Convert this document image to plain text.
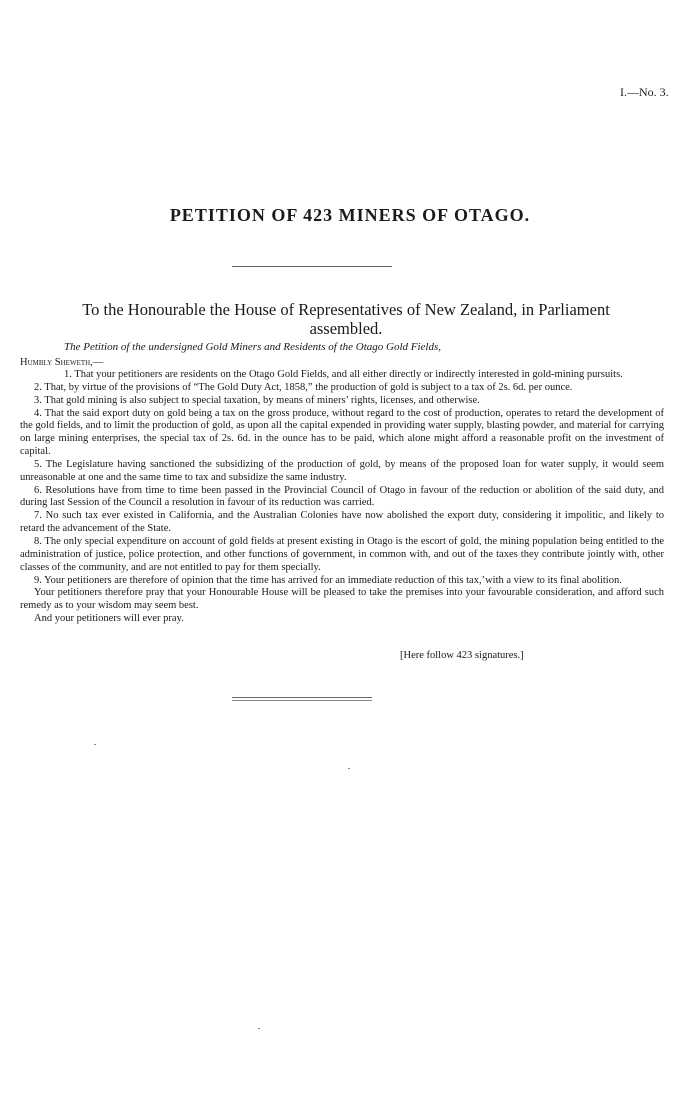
I.—No. 3.
PETITION OF 423 MINERS OF OTAGO.
To the Honourable the House of Representatives of New Zealand, in Parliament assembled.
The Petition of the undersigned Gold Miners and Residents of the Otago Gold Fields,
Humbly Sheweth,—

1. That your petitioners are residents on the Otago Gold Fields, and all either directly or indirectly interested in gold-mining pursuits.

2. That, by virtue of the provisions of “The Gold Duty Act, 1858,” the production of gold is subject to a tax of 2s. 6d. per ounce.

3. That gold mining is also subject to special taxation, by means of miners’ rights, licenses, and otherwise.

4. That the said export duty on gold being a tax on the gross produce, without regard to the cost of production, operates to retard the development of the gold fields, and to limit the production of gold, as upon all the capital expended in providing water supply, blasting powder, and material for carrying on large mining enterprises, the special tax of 2s. 6d. in the ounce has to be paid, which alone might afford a reasonable profit on the investment of capital.

5. The Legislature having sanctioned the subsidizing of the production of gold, by means of the proposed loan for water supply, it would seem unreasonable at one and the same time to tax and subsidize the same industry.

6. Resolutions have from time to time been passed in the Provincial Council of Otago in favour of the reduction or abolition of the said duty, and during last Session of the Council a resolution in favour of its reduction was carried.

7. No such tax ever existed in California, and the Australian Colonies have now abolished the export duty, considering it impolitic, and likely to retard the advancement of the State.

8. The only special expenditure on account of gold fields at present existing in Otago is the escort of gold, the mining population being entitled to the administration of justice, police protection, and other functions of government, in common with, and out of the taxes they contribute jointly with, other classes of the community, and are not entitled to pay for them specially.

9. Your petitioners are therefore of opinion that the time has arrived for an immediate reduction of this tax,’with a view to its final abolition.

Your petitioners therefore pray that your Honourable House will be pleased to take the premises into your favourable consideration, and afford such remedy as to your wisdom may seem best.

And your petitioners will ever pray.

[Here follow 423 signatures.]
